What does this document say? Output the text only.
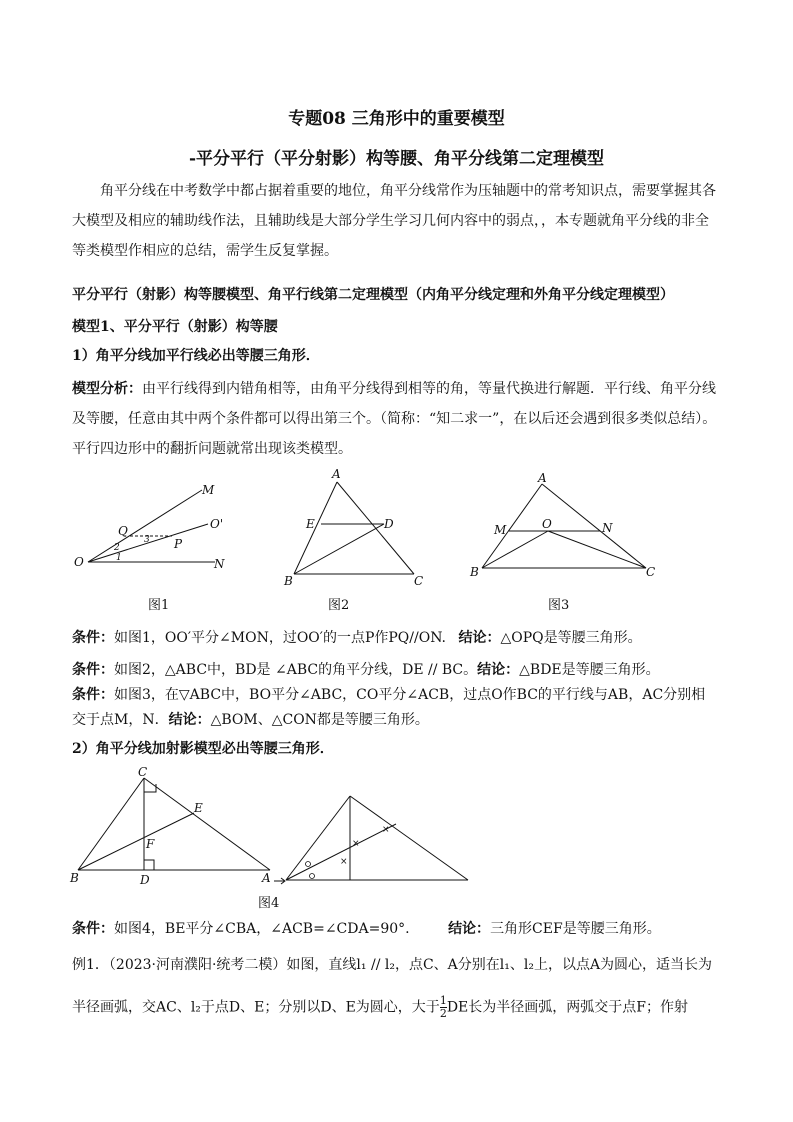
专题08 三角形中的重要模型
-平分平行（平分射影）构等腰、角平分线第二定理模型
角平分线在中考数学中都占据着重要的地位，角平分线常作为压轴题中的常考知识点，需要掌握其各大模型及相应的辅助线作法，且辅助线是大部分学生学习几何内容中的弱点，，本专题就角平分线的非全等类模型作相应的总结，需学生反复掌握。
平分平行（射影）构等腰模型、角平行线第二定理模型（内角平分线定理和外角平分线定理模型）
模型1、平分平行（射影）构等腰
1）角平分线加平行线必出等腰三角形．
模型分析：由平行线得到内错角相等，由角平分线得到相等的角，等量代换进行解题．平行线、角平分线及等腰，任意由其中两个条件都可以得出第三个。（简称：“知二求一”，在以后还会遇到很多类似总结）。平行四边形中的翻折问题就常出现该类模型。
M
Q	O'
P
O	N
2
3
1
图1
A
E	D
B	C
图2
A
M	O	N
B	C
图3
条件：如图1，OO′平分∠MON，过OO′的一点P作PQ//ON. 结论：△OPQ是等腰三角形。
条件：如图2，△ABC中，BD是 ∠ABC的角平分线，DE // BC。结论：△BDE是等腰三角形。
条件：如图3，在▽ABC中，BO平分∠ABC，CO平分∠ACB，过点O作BC的平行线与AB，AC分别相
交于点M，N．结论：△BOM、△CON都是等腰三角形。
2）角平分线加射影模型必出等腰三角形．
C
E
F
B	D	A
×
×
×
图4
条件：如图4，BE平分∠CBA，∠ACB=∠CDA=90°.	结论：三角形CEF是等腰三角形。
例1．（2023·河南濮阳·统考二模）如图，直线l₁ // l₂，点C、A分别在l₁、l₂上，以点A为圆心，适当长为
半径画弧，交AC、l₂于点D、E；分别以D、E为圆心，大于 $\frac{1}{2}$ DE长为半径画弧，两弧交于点F；作射
